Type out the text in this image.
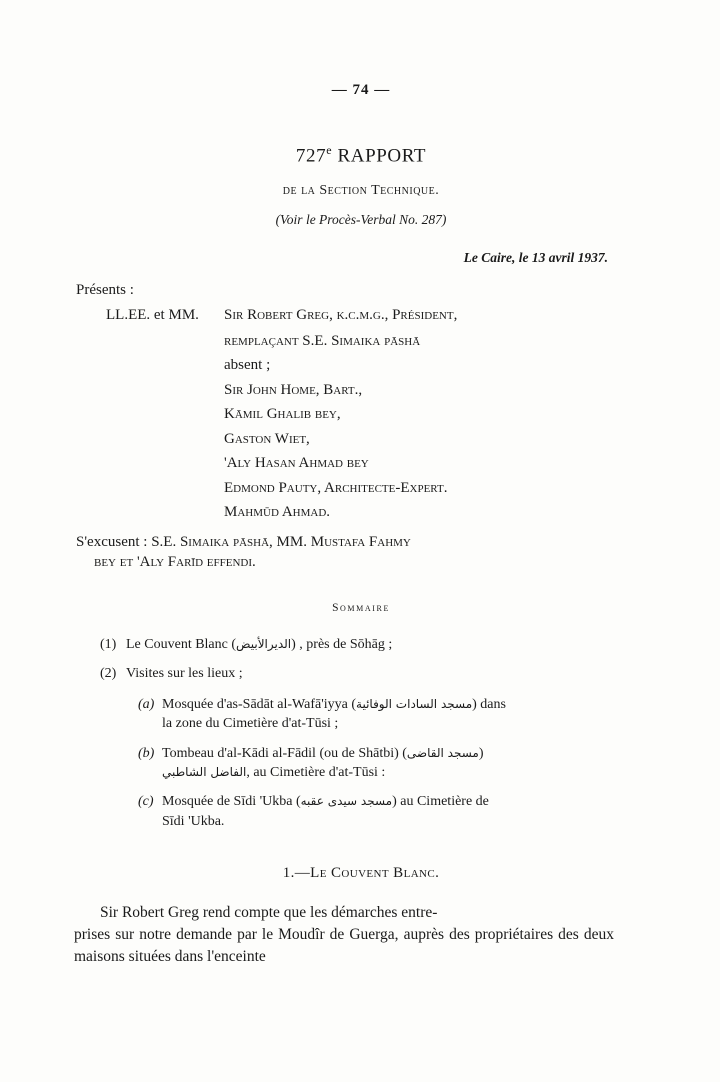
— 74 —
727e RAPPORT
de la Section Technique.
(Voir le Procès-Verbal No. 287)
Le Caire, le 13 avril 1937.
Présents :
LL.EE. et MM. Sir Robert Greg, k.c.m.g., Président,
remplaçant S.E. Simaika pāshā
absent ;
Sir John Home, Bart.,
Kāmil Ghalib bey,
Gaston Wiet,
'Aly Hasan Ahmad bey
Edmond Pauty, Architecte-Expert.
Mahmūd Ahmad.
S'excusent : S.E. Simaika pāshā, MM. Mustafa Fahmy
bey et 'Aly Farīd effendi.
Sommaire
(1) Le Couvent Blanc (الديرالأبيض) , près de Sōhāg ;
(2) Visites sur les lieux ;
(a) Mosquée d'as-Sādāt al-Wafā'iyya (مسجد السادات الوفائية) dans
la zone du Cimetière d'at-Tūsi ;
(b) Tombeau d'al-Kādi al-Fādil (ou de Shātbi) (مسجد القاضى)
الفاضل الشاطبي, au Cimetière d'at-Tūsi :
(c) Mosquée de Sīdi 'Ukba (مسجد سيدى عقبه) au Cimetière de
Sīdi 'Ukba.
1.—Le Couvent Blanc.
Sir Robert Greg rend compte que les démarches entre-
prises sur notre demande par le Moudîr de Guerga, auprès des propriétaires des deux maisons situées dans l'enceinte
